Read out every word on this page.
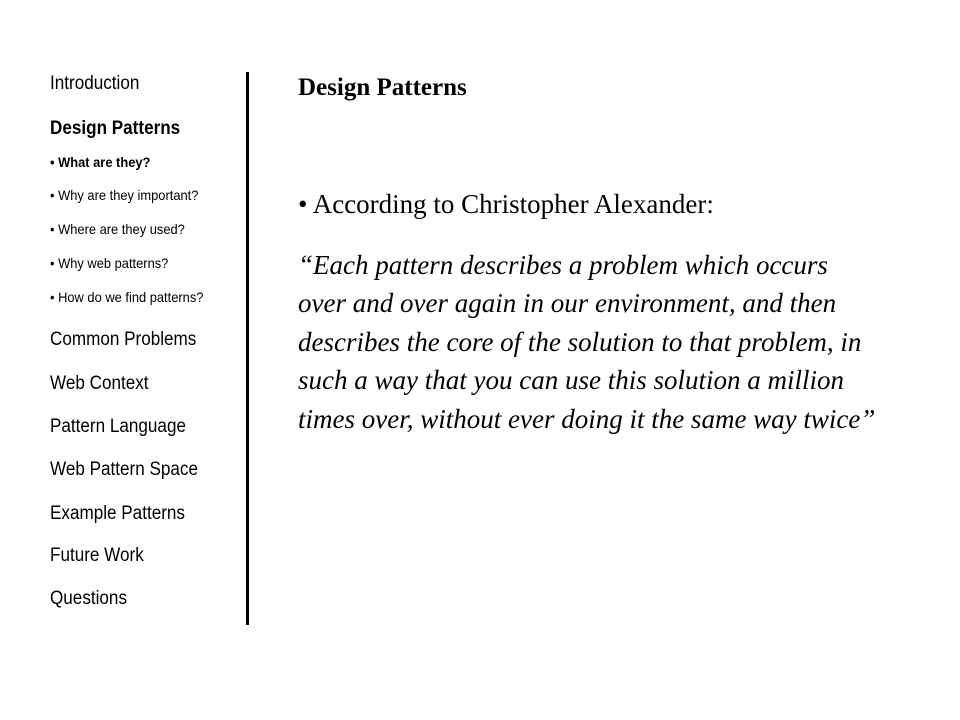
Introduction
Design Patterns
• What are they?
• Why are they important?
• Where are they used?
• Why web patterns?
• How do we find patterns?
Common Problems
Web Context
Pattern Language
Web Pattern Space
Example Patterns
Future Work
Questions
Design Patterns
• According to Christopher Alexander:
“Each pattern describes a problem which occurs over and over again in our environment, and then describes the core of the solution to that problem, in such a way that you can use this solution a million times over, without ever doing it the same way twice”
